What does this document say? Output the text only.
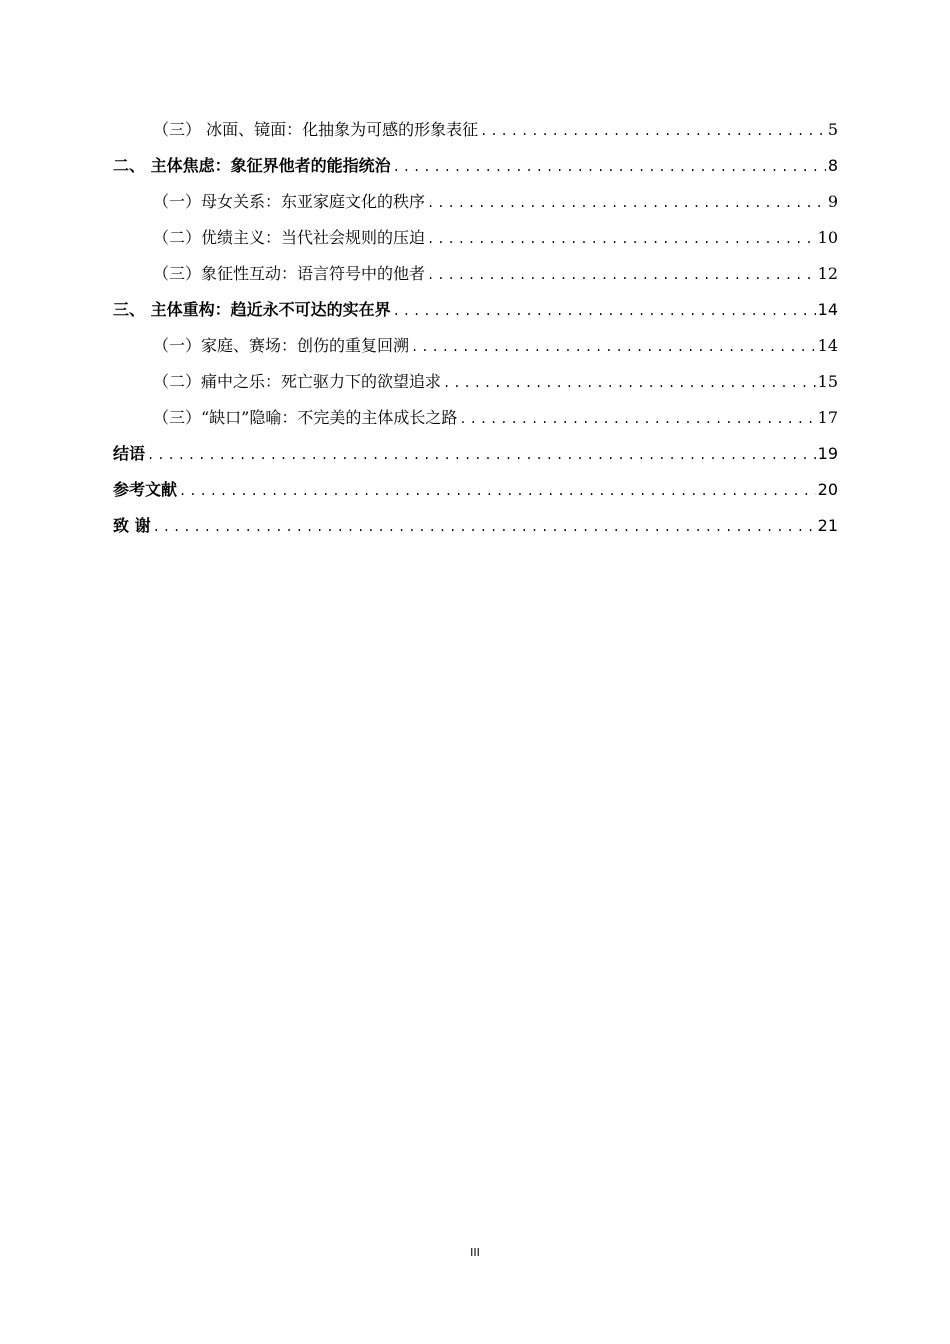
（三） 冰面、镜面：化抽象为可感的形象表征 .....	5
二、 主体焦虑：象征界他者的能指统治 .....	8
（一）母女关系：东亚家庭文化的秩序 .....	9
（二）优绩主义：当代社会规则的压迫 .....	10
（三）象征性互动：语言符号中的他者 .....	12
三、 主体重构：趋近永不可达的实在界 .....	14
（一）家庭、赛场：创伤的重复回溯 .....	14
（二）痛中之乐：死亡驱力下的欲望追求 .....	15
（三）“缺口”隐喻：不完美的主体成长之路 .....	17
结语 .....	19
参考文献 .....	20
致 谢 .....	21
III
